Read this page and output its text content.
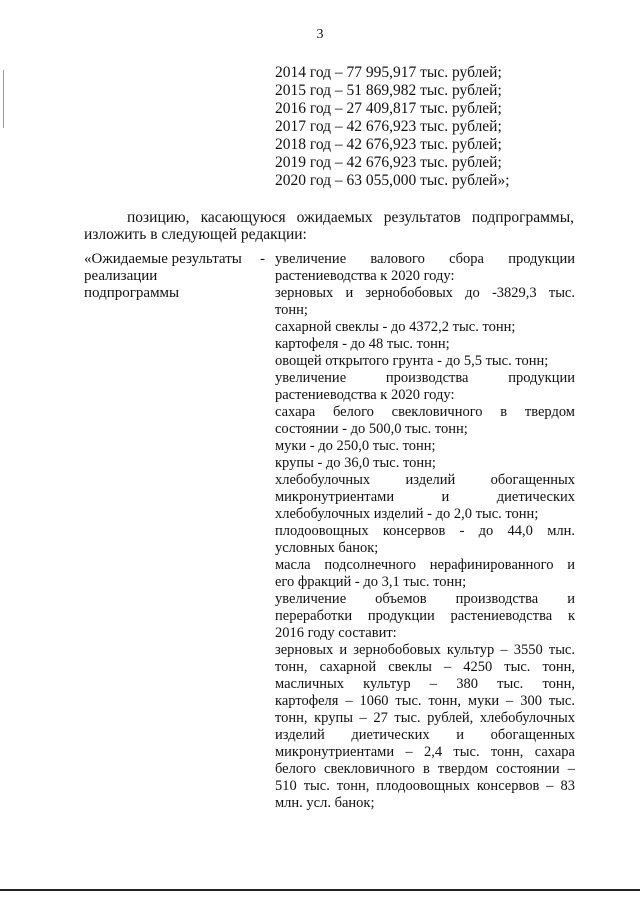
3
2014 год – 77 995,917 тыс. рублей;
2015 год – 51 869,982 тыс. рублей;
2016 год – 27 409,817 тыс. рублей;
2017 год – 42 676,923 тыс. рублей;
2018 год – 42 676,923 тыс. рублей;
2019 год – 42 676,923 тыс. рублей;
2020 год – 63 055,000 тыс. рублей»;

позицию, касающуюся ожидаемых результатов подпрограммы,
изложить в следующей редакции:

«Ожидаемые результаты
реализации
подпрограммы
- увеличение валового сбора продукции
растениеводства к 2020 году:
зерновых и зернобобовых до -3829,3 тыс.
тонн;
сахарной свеклы - до 4372,2 тыс. тонн;
картофеля - до 48 тыс. тонн;
овощей открытого грунта - до 5,5 тыс. тонн;
увеличение производства продукции
растениеводства к 2020 году:
сахара белого свекловичного в твердом
состоянии - до 500,0 тыс. тонн;
муки - до 250,0 тыс. тонн;
крупы - до 36,0 тыс. тонн;
хлебобулочных изделий обогащенных
микронутриентами и диетических
хлебобулочных изделий - до 2,0 тыс. тонн;
плодоовощных консервов - до 44,0 млн.
условных банок;
масла подсолнечного нерафинированного и
его фракций - до 3,1 тыс. тонн;
увеличение объемов производства и
переработки продукции растениеводства к
2016 году составит:
зерновых и зернобобовых культур – 3550 тыс.
тонн, сахарной свеклы – 4250 тыс. тонн,
масличных культур – 380 тыс. тонн,
картофеля – 1060 тыс. тонн, муки – 300 тыс.
тонн, крупы – 27 тыс. рублей, хлебобулочных
изделий диетических и обогащенных
микронутриентами – 2,4 тыс. тонн, сахара
белого свекловичного в твердом состоянии –
510 тыс. тонн, плодоовощных консервов – 83
млн. усл. банок;
